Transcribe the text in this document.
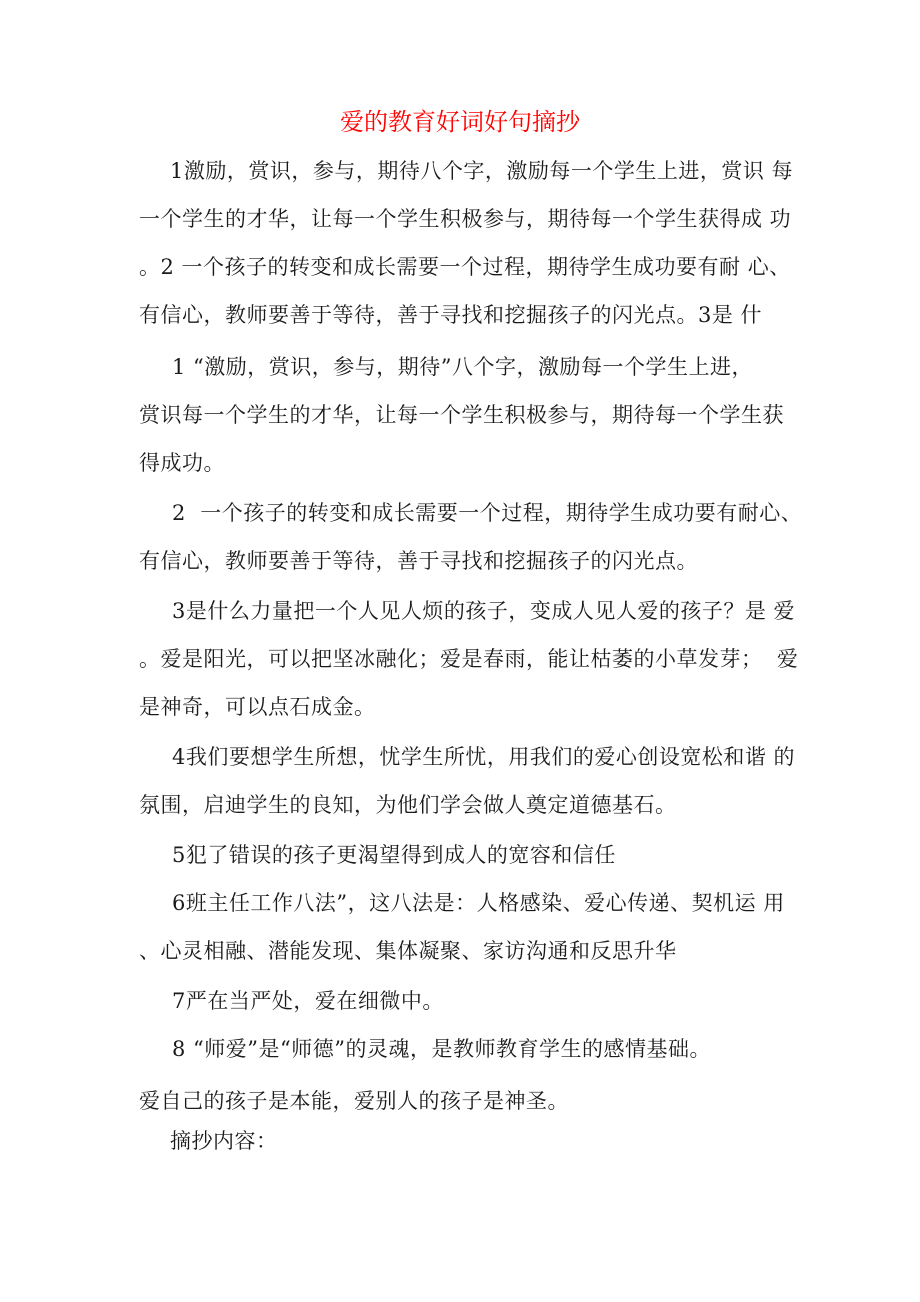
爱的教育好词好句摘抄
1激励，赏识，参与，期待八个字，激励每一个学生上进，赏识 每
一个学生的才华，让每一个学生积极参与，期待每一个学生获得成 功
。2 一个孩子的转变和成长需要一个过程，期待学生成功要有耐 心、
有信心，教师要善于等待，善于寻找和挖掘孩子的闪光点。3是 什
1 “激励，赏识，参与，期待”八个字，激励每一个学生上进，
赏识每一个学生的才华，让每一个学生积极参与，期待每一个学生获
得成功。
2  一个孩子的转变和成长需要一个过程，期待学生成功要有耐心、
有信心，教师要善于等待，善于寻找和挖掘孩子的闪光点。
3是什么力量把一个人见人烦的孩子，变成人见人爱的孩子？是 爱
。爱是阳光，可以把坚冰融化；爱是春雨，能让枯萎的小草发芽；  爱
是神奇，可以点石成金。
4我们要想学生所想，忧学生所忧，用我们的爱心创设宽松和谐 的
氛围，启迪学生的良知，为他们学会做人奠定道德基石。
5犯了错误的孩子更渴望得到成人的宽容和信任
6班主任工作八法”，这八法是：人格感染、爱心传递、契机运 用
、心灵相融、潜能发现、集体凝聚、家访沟通和反思升华
7严在当严处，爱在细微中。
8 “师爱”是“师德”的灵魂，是教师教育学生的感情基础。
爱自己的孩子是本能，爱别人的孩子是神圣。
摘抄内容：
